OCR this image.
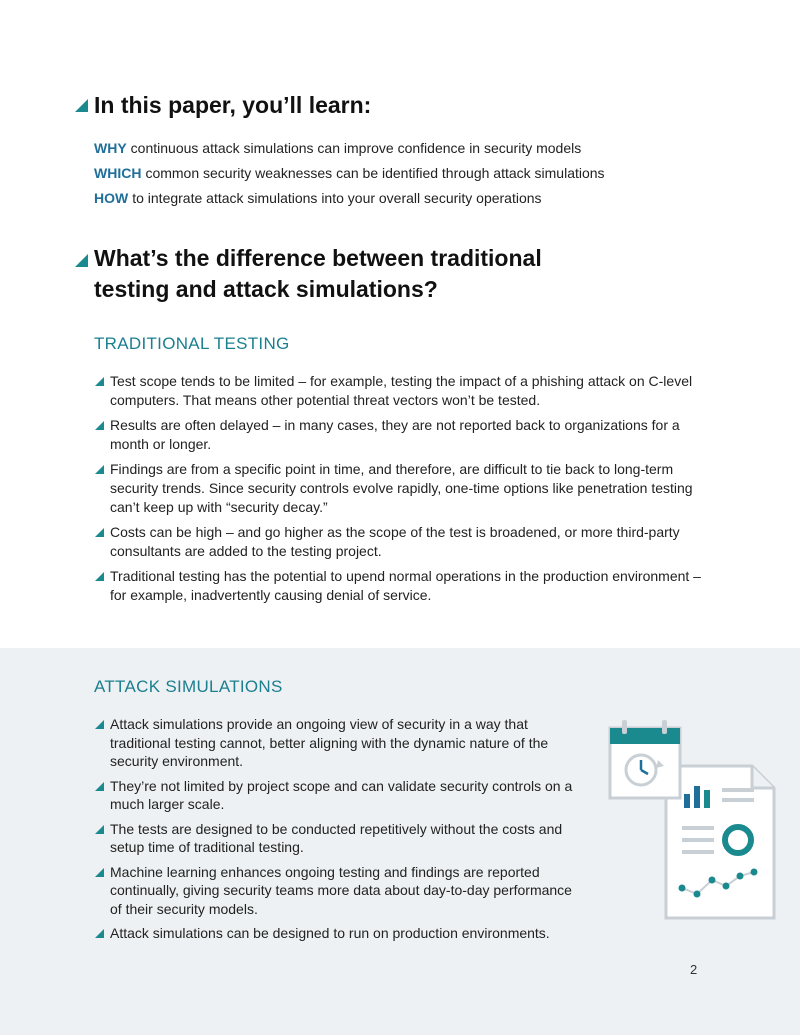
In this paper, you’ll learn:
WHY continuous attack simulations can improve confidence in security models
WHICH common security weaknesses can be identified through attack simulations
HOW to integrate attack simulations into your overall security operations
What’s the difference between traditional
testing and attack simulations?
TRADITIONAL TESTING
Test scope tends to be limited – for example, testing the impact of a phishing attack on C-level computers. That means other potential threat vectors won’t be tested.
Results are often delayed – in many cases, they are not reported back to organizations for a month or longer.
Findings are from a specific point in time, and therefore, are difficult to tie back to long-term security trends. Since security controls evolve rapidly, one-time options like penetration testing can’t keep up with “security decay.”
Costs can be high – and go higher as the scope of the test is broadened, or more third-party consultants are added to the testing project.
Traditional testing has the potential to upend normal operations in the production environment – for example, inadvertently causing denial of service.
ATTACK SIMULATIONS
Attack simulations provide an ongoing view of security in a way that traditional testing cannot, better aligning with the dynamic nature of the security environment.
They’re not limited by project scope and can validate security controls on a much larger scale.
The tests are designed to be conducted repetitively without the costs and setup time of traditional testing.
Machine learning enhances ongoing testing and findings are reported continually, giving security teams more data about day-to-day performance of their security models.
Attack simulations can be designed to run on production environments.
2
